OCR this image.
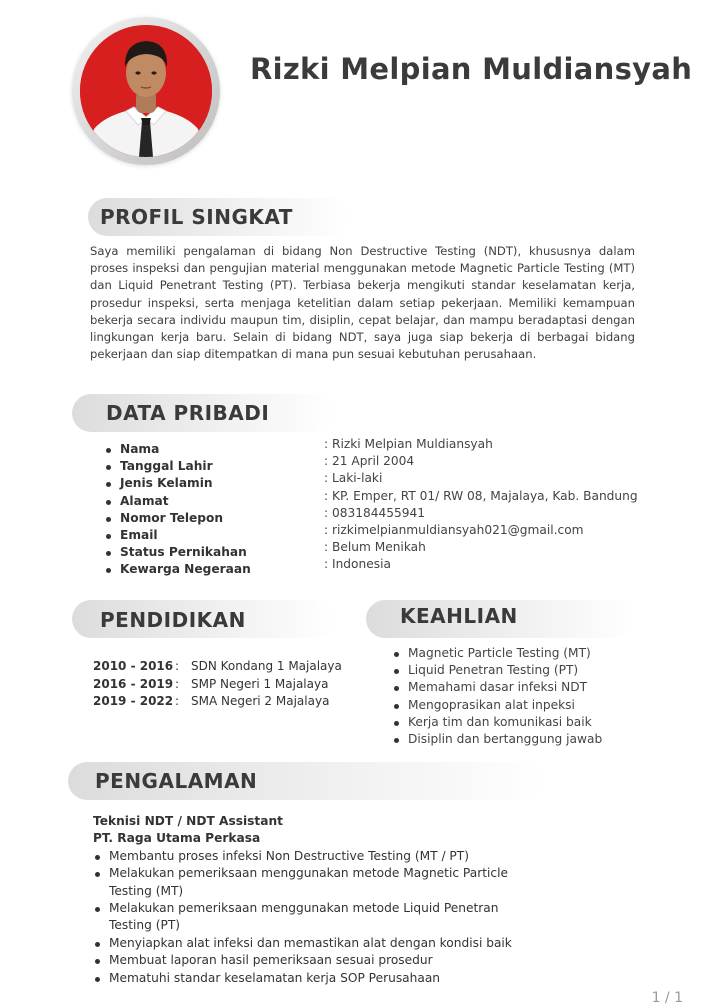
Rizki Melpian Muldiansyah
PROFIL SINGKAT
Saya memiliki pengalaman di bidang Non Destructive Testing (NDT), khususnya dalam proses inspeksi dan pengujian material menggunakan metode Magnetic Particle Testing (MT) dan Liquid Penetrant Testing (PT). Terbiasa bekerja mengikuti standar keselamatan kerja, prosedur inspeksi, serta menjaga ketelitian dalam setiap pekerjaan. Memiliki kemampuan bekerja secara individu maupun tim, disiplin, cepat belajar, dan mampu beradaptasi dengan lingkungan kerja baru. Selain di bidang NDT, saya juga siap bekerja di berbagai bidang pekerjaan dan siap ditempatkan di mana pun sesuai kebutuhan perusahaan.
DATA PRIBADI
Nama
Tanggal Lahir
Jenis Kelamin
Alamat
Nomor Telepon
Email
Status Pernikahan
Kewarga Negeraan
: Rizki Melpian Muldiansyah
: 21 April 2004
: Laki-laki
: KP. Emper, RT 01/ RW 08, Majalaya, Kab. Bandung
: 083184455941
: rizkimelpianmuldiansyah021@gmail.com
: Belum Menikah
: Indonesia
PENDIDIKAN
2010 - 2016 : SDN Kondang 1 Majalaya
2016 - 2019 : SMP Negeri 1 Majalaya
2019 - 2022 : SMA Negeri 2 Majalaya
KEAHLIAN
Magnetic Particle Testing (MT)
Liquid Penetran Testing (PT)
Memahami dasar infeksi NDT
Mengoprasikan alat inpeksi
Kerja tim dan komunikasi baik
Disiplin dan bertanggung jawab
PENGALAMAN
Teknisi NDT / NDT Assistant
PT. Raga Utama Perkasa
Membantu proses infeksi Non Destructive Testing (MT / PT)
Melakukan pemeriksaan menggunakan metode Magnetic Particle
Testing (MT)
Melakukan pemeriksaan menggunakan metode Liquid Penetran
Testing (PT)
Menyiapkan alat infeksi dan memastikan alat dengan kondisi baik
Membuat laporan hasil pemeriksaan sesuai prosedur
Mematuhi standar keselamatan kerja SOP Perusahaan
1 / 1
